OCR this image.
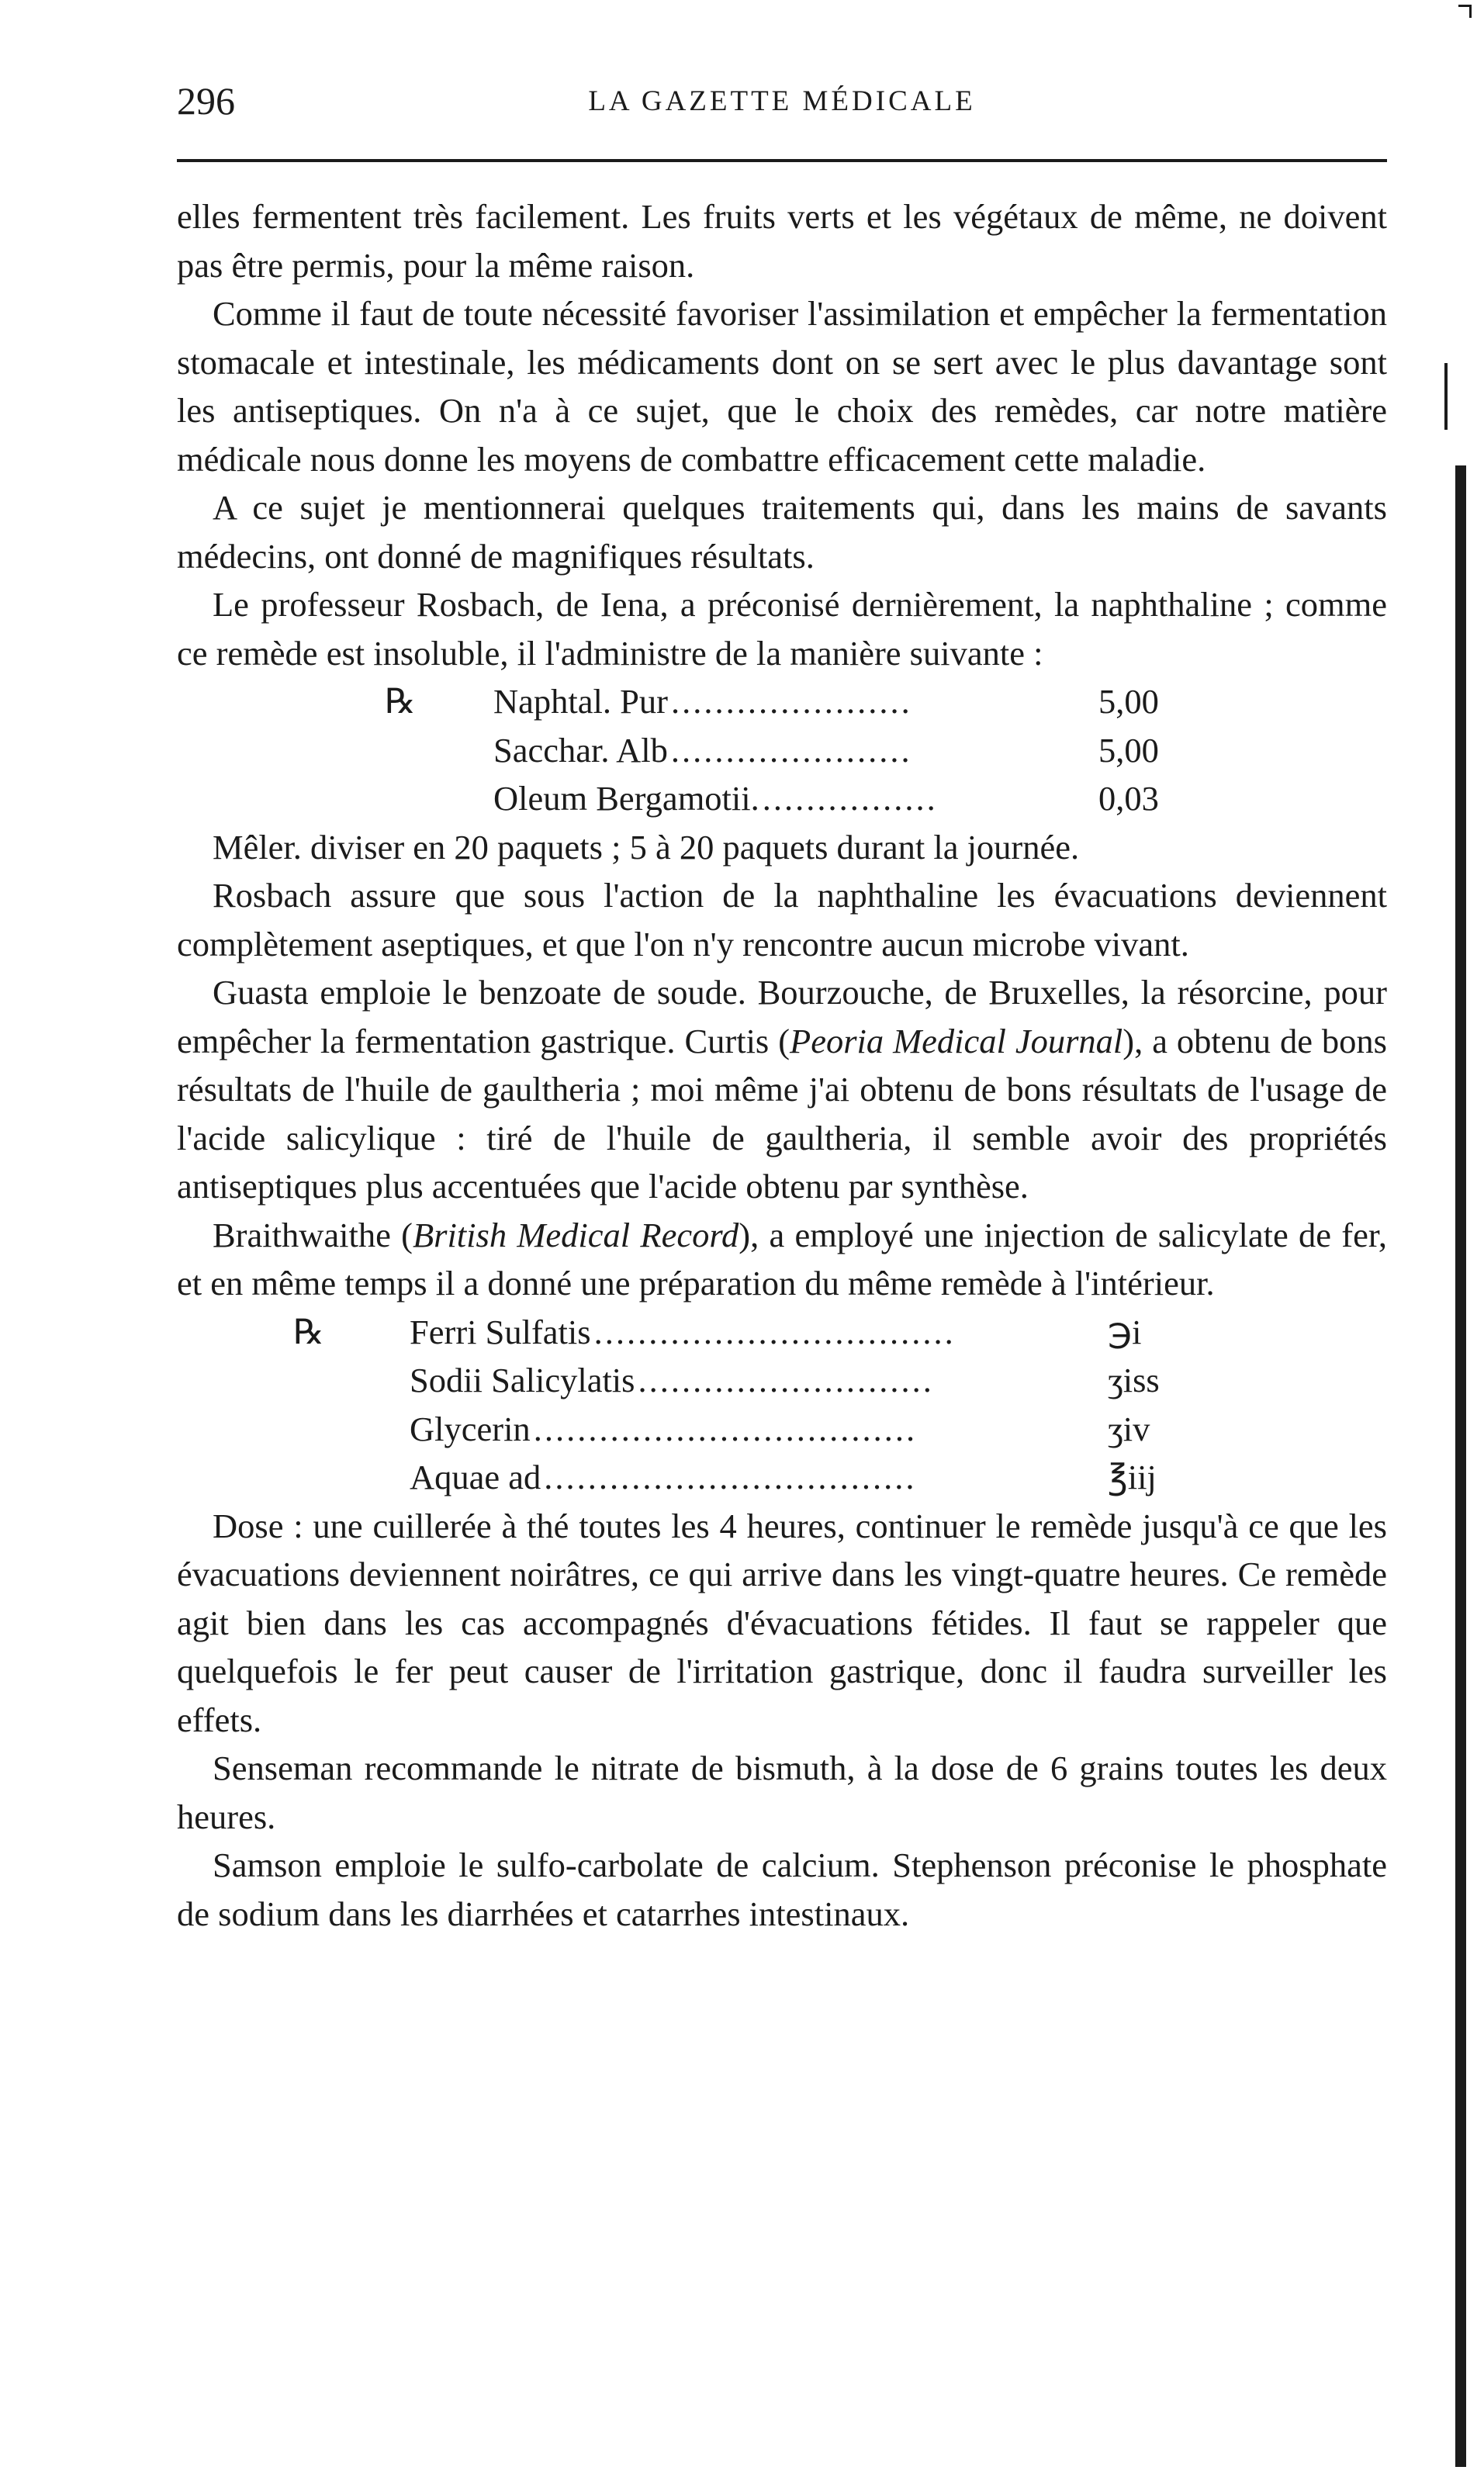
296	LA GAZETTE MÉDICALE

elles fermentent très facilement. Les fruits verts et les végétaux de même, ne doivent pas être permis, pour la même raison.

Comme il faut de toute nécessité favoriser l'assimilation et empêcher la fermentation stomacale et intestinale, les médicaments dont on se sert avec le plus davantage sont les antiseptiques. On n'a à ce sujet, que le choix des remèdes, car notre matière médicale nous donne les moyens de combattre efficacement cette maladie.

A ce sujet je mentionnerai quelques traitements qui, dans les mains de savants médecins, ont donné de magnifiques résultats.

Le professeur Rosbach, de Iena, a préconisé dernièrement, la naphthaline ; comme ce remède est insoluble, il l'administre de la manière suivante :

℞	Naphtal. Pur ......................	5,00
Sacchar. Alb ......................	5,00
Oleum Bergamotii. ................	0,03

Mêler. diviser en 20 paquets ; 5 à 20 paquets durant la journée.

Rosbach assure que sous l'action de la naphthaline les évacuations deviennent complètement aseptiques, et que l'on n'y rencontre aucun microbe vivant.

Guasta emploie le benzoate de soude. Bourzouche, de Bruxelles, la résorcine, pour empêcher la fermentation gastrique. Curtis (Peoria Medical Journal), a obtenu de bons résultats de l'huile de gaultheria ; moi même j'ai obtenu de bons résultats de l'usage de l'acide salicylique : tiré de l'huile de gaultheria, il semble avoir des propriétés antiseptiques plus accentuées que l'acide obtenu par synthèse.

Braithwaithe (British Medical Record), a employé une injection de salicylate de fer, et en même temps il a donné une préparation du même remède à l'intérieur.

℞	Ferri Sulfatis .................................	℈i
Sodii Salicylatis ...........................	ʒiss
Glycerin ...................................	ʒiv
Aquae ad ..................................	℥iij

Dose : une cuillerée à thé toutes les 4 heures, continuer le remède jusqu'à ce que les évacuations deviennent noirâtres, ce qui arrive dans les vingt-quatre heures. Ce remède agit bien dans les cas accompagnés d'évacuations fétides. Il faut se rappeler que quelquefois le fer peut causer de l'irritation gastrique, donc il faudra surveiller les effets.

Senseman recommande le nitrate de bismuth, à la dose de 6 grains toutes les deux heures.

Samson emploie le sulfo-carbolate de calcium. Stephenson préconise le phosphate de sodium dans les diarrhées et catarrhes intestinaux.
